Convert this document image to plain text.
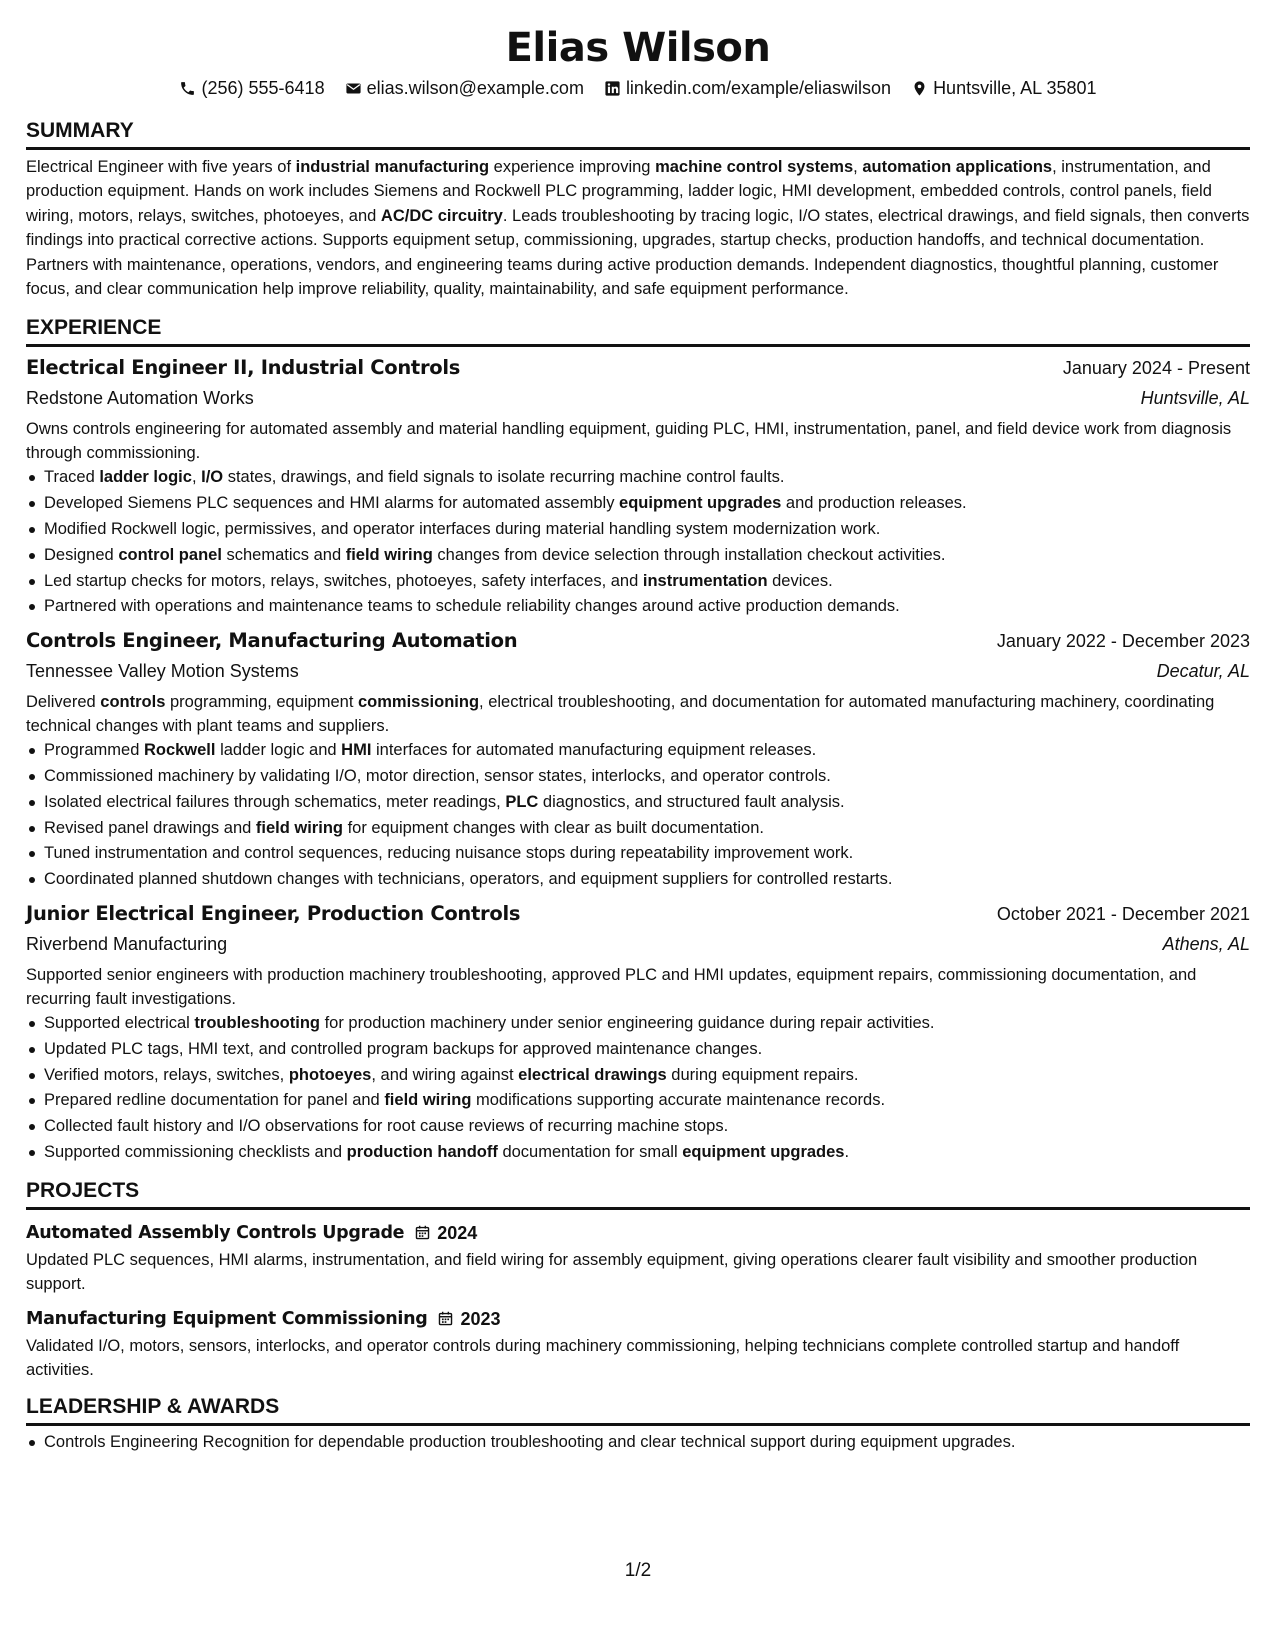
Elias Wilson
(256) 555-6418 elias.wilson@example.com linkedin.com/example/eliaswilson Huntsville, AL 35801
SUMMARY
Electrical Engineer with five years of industrial manufacturing experience improving machine control systems, automation applications, instrumentation, and production equipment. Hands on work includes Siemens and Rockwell PLC programming, ladder logic, HMI development, embedded controls, control panels, field wiring, motors, relays, switches, photoeyes, and AC/DC circuitry. Leads troubleshooting by tracing logic, I/O states, electrical drawings, and field signals, then converts findings into practical corrective actions. Supports equipment setup, commissioning, upgrades, startup checks, production handoffs, and technical documentation. Partners with maintenance, operations, vendors, and engineering teams during active production demands. Independent diagnostics, thoughtful planning, customer focus, and clear communication help improve reliability, quality, maintainability, and safe equipment performance.
EXPERIENCE
Electrical Engineer II, Industrial Controls	January 2024 - Present
Redstone Automation Works	Huntsville, AL
Owns controls engineering for automated assembly and material handling equipment, guiding PLC, HMI, instrumentation, panel, and field device work from diagnosis through commissioning.
Traced ladder logic, I/O states, drawings, and field signals to isolate recurring machine control faults.
Developed Siemens PLC sequences and HMI alarms for automated assembly equipment upgrades and production releases.
Modified Rockwell logic, permissives, and operator interfaces during material handling system modernization work.
Designed control panel schematics and field wiring changes from device selection through installation checkout activities.
Led startup checks for motors, relays, switches, photoeyes, safety interfaces, and instrumentation devices.
Partnered with operations and maintenance teams to schedule reliability changes around active production demands.
Controls Engineer, Manufacturing Automation	January 2022 - December 2023
Tennessee Valley Motion Systems	Decatur, AL
Delivered controls programming, equipment commissioning, electrical troubleshooting, and documentation for automated manufacturing machinery, coordinating technical changes with plant teams and suppliers.
Programmed Rockwell ladder logic and HMI interfaces for automated manufacturing equipment releases.
Commissioned machinery by validating I/O, motor direction, sensor states, interlocks, and operator controls.
Isolated electrical failures through schematics, meter readings, PLC diagnostics, and structured fault analysis.
Revised panel drawings and field wiring for equipment changes with clear as built documentation.
Tuned instrumentation and control sequences, reducing nuisance stops during repeatability improvement work.
Coordinated planned shutdown changes with technicians, operators, and equipment suppliers for controlled restarts.
Junior Electrical Engineer, Production Controls	October 2021 - December 2021
Riverbend Manufacturing	Athens, AL
Supported senior engineers with production machinery troubleshooting, approved PLC and HMI updates, equipment repairs, commissioning documentation, and recurring fault investigations.
Supported electrical troubleshooting for production machinery under senior engineering guidance during repair activities.
Updated PLC tags, HMI text, and controlled program backups for approved maintenance changes.
Verified motors, relays, switches, photoeyes, and wiring against electrical drawings during equipment repairs.
Prepared redline documentation for panel and field wiring modifications supporting accurate maintenance records.
Collected fault history and I/O observations for root cause reviews of recurring machine stops.
Supported commissioning checklists and production handoff documentation for small equipment upgrades.
PROJECTS
Automated Assembly Controls Upgrade 2024
Updated PLC sequences, HMI alarms, instrumentation, and field wiring for assembly equipment, giving operations clearer fault visibility and smoother production support.
Manufacturing Equipment Commissioning 2023
Validated I/O, motors, sensors, interlocks, and operator controls during machinery commissioning, helping technicians complete controlled startup and handoff activities.
LEADERSHIP & AWARDS
Controls Engineering Recognition for dependable production troubleshooting and clear technical support during equipment upgrades.
1/2
